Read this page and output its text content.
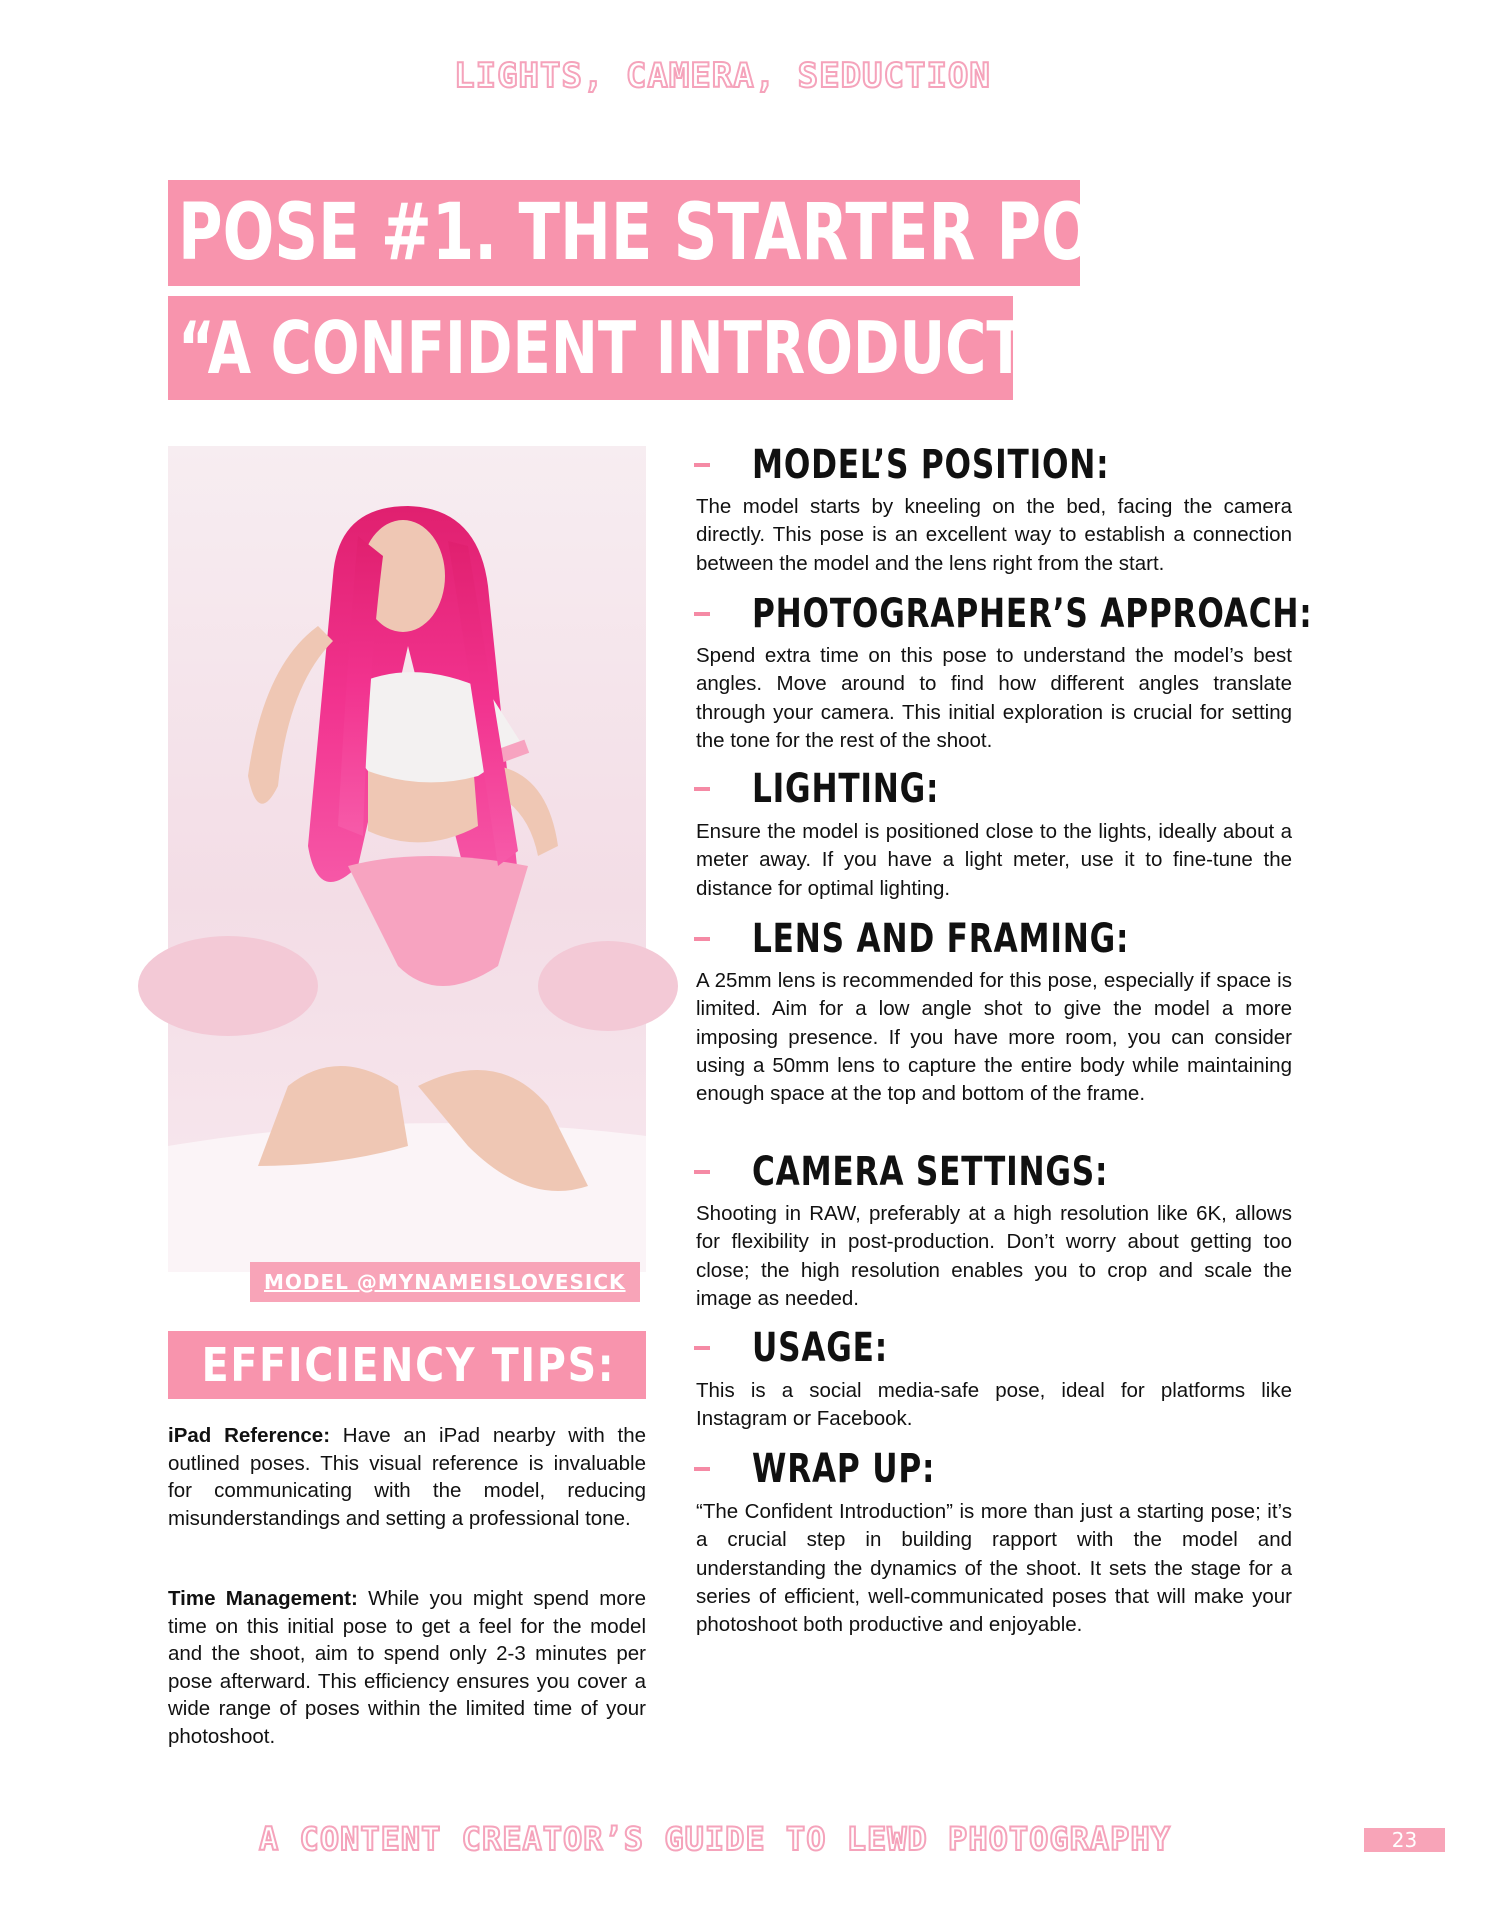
LIGHTS, CAMERA, SEDUCTION
POSE #1. THE STARTER POSE:
“A CONFIDENT INTRODUCTION”
MODEL @MYNAMEISLOVESICK
EFFICIENCY TIPS:

iPad Reference: Have an iPad nearby with the outlined poses. This visual reference is invaluable for communicating with the model, reducing misunderstandings and setting a professional tone.

Time Management: While you might spend more time on this initial pose to get a feel for the model and the shoot, aim to spend only 2-3 minutes per pose afterward. This efficiency ensures you cover a wide range of poses within the limited time of your photoshoot.

MODEL’S POSITION:

The model starts by kneeling on the bed, facing the camera directly. This pose is an excellent way to establish a connection between the model and the lens right from the start.

PHOTOGRAPHER’S APPROACH:

Spend extra time on this pose to understand the model’s best angles. Move around to find how different angles translate through your camera. This initial exploration is crucial for setting the tone for the rest of the shoot.

LIGHTING:

Ensure the model is positioned close to the lights, ideally about a meter away. If you have a light meter, use it to fine-tune the distance for optimal lighting.

LENS AND FRAMING:

A 25mm lens is recommended for this pose, especially if space is limited. Aim for a low angle shot to give the model a more imposing presence. If you have more room, you can consider using a 50mm lens to capture the entire body while maintaining enough space at the top and bottom of the frame.

CAMERA SETTINGS:

Shooting in RAW, preferably at a high resolution like 6K, allows for flexibility in post-production. Don’t worry about getting too close; the high resolution enables you to crop and scale the image as needed.

USAGE:

This is a social media-safe pose, ideal for platforms like Instagram or Facebook.

WRAP UP:

“The Confident Introduction” is more than just a starting pose; it’s a crucial step in building rapport with the model and understanding the dynamics of the shoot. It sets the stage for a series of efficient, well-communicated poses that will make your photoshoot both productive and enjoyable.

A CONTENT CREATOR’S GUIDE TO LEWD PHOTOGRAPHY	23
